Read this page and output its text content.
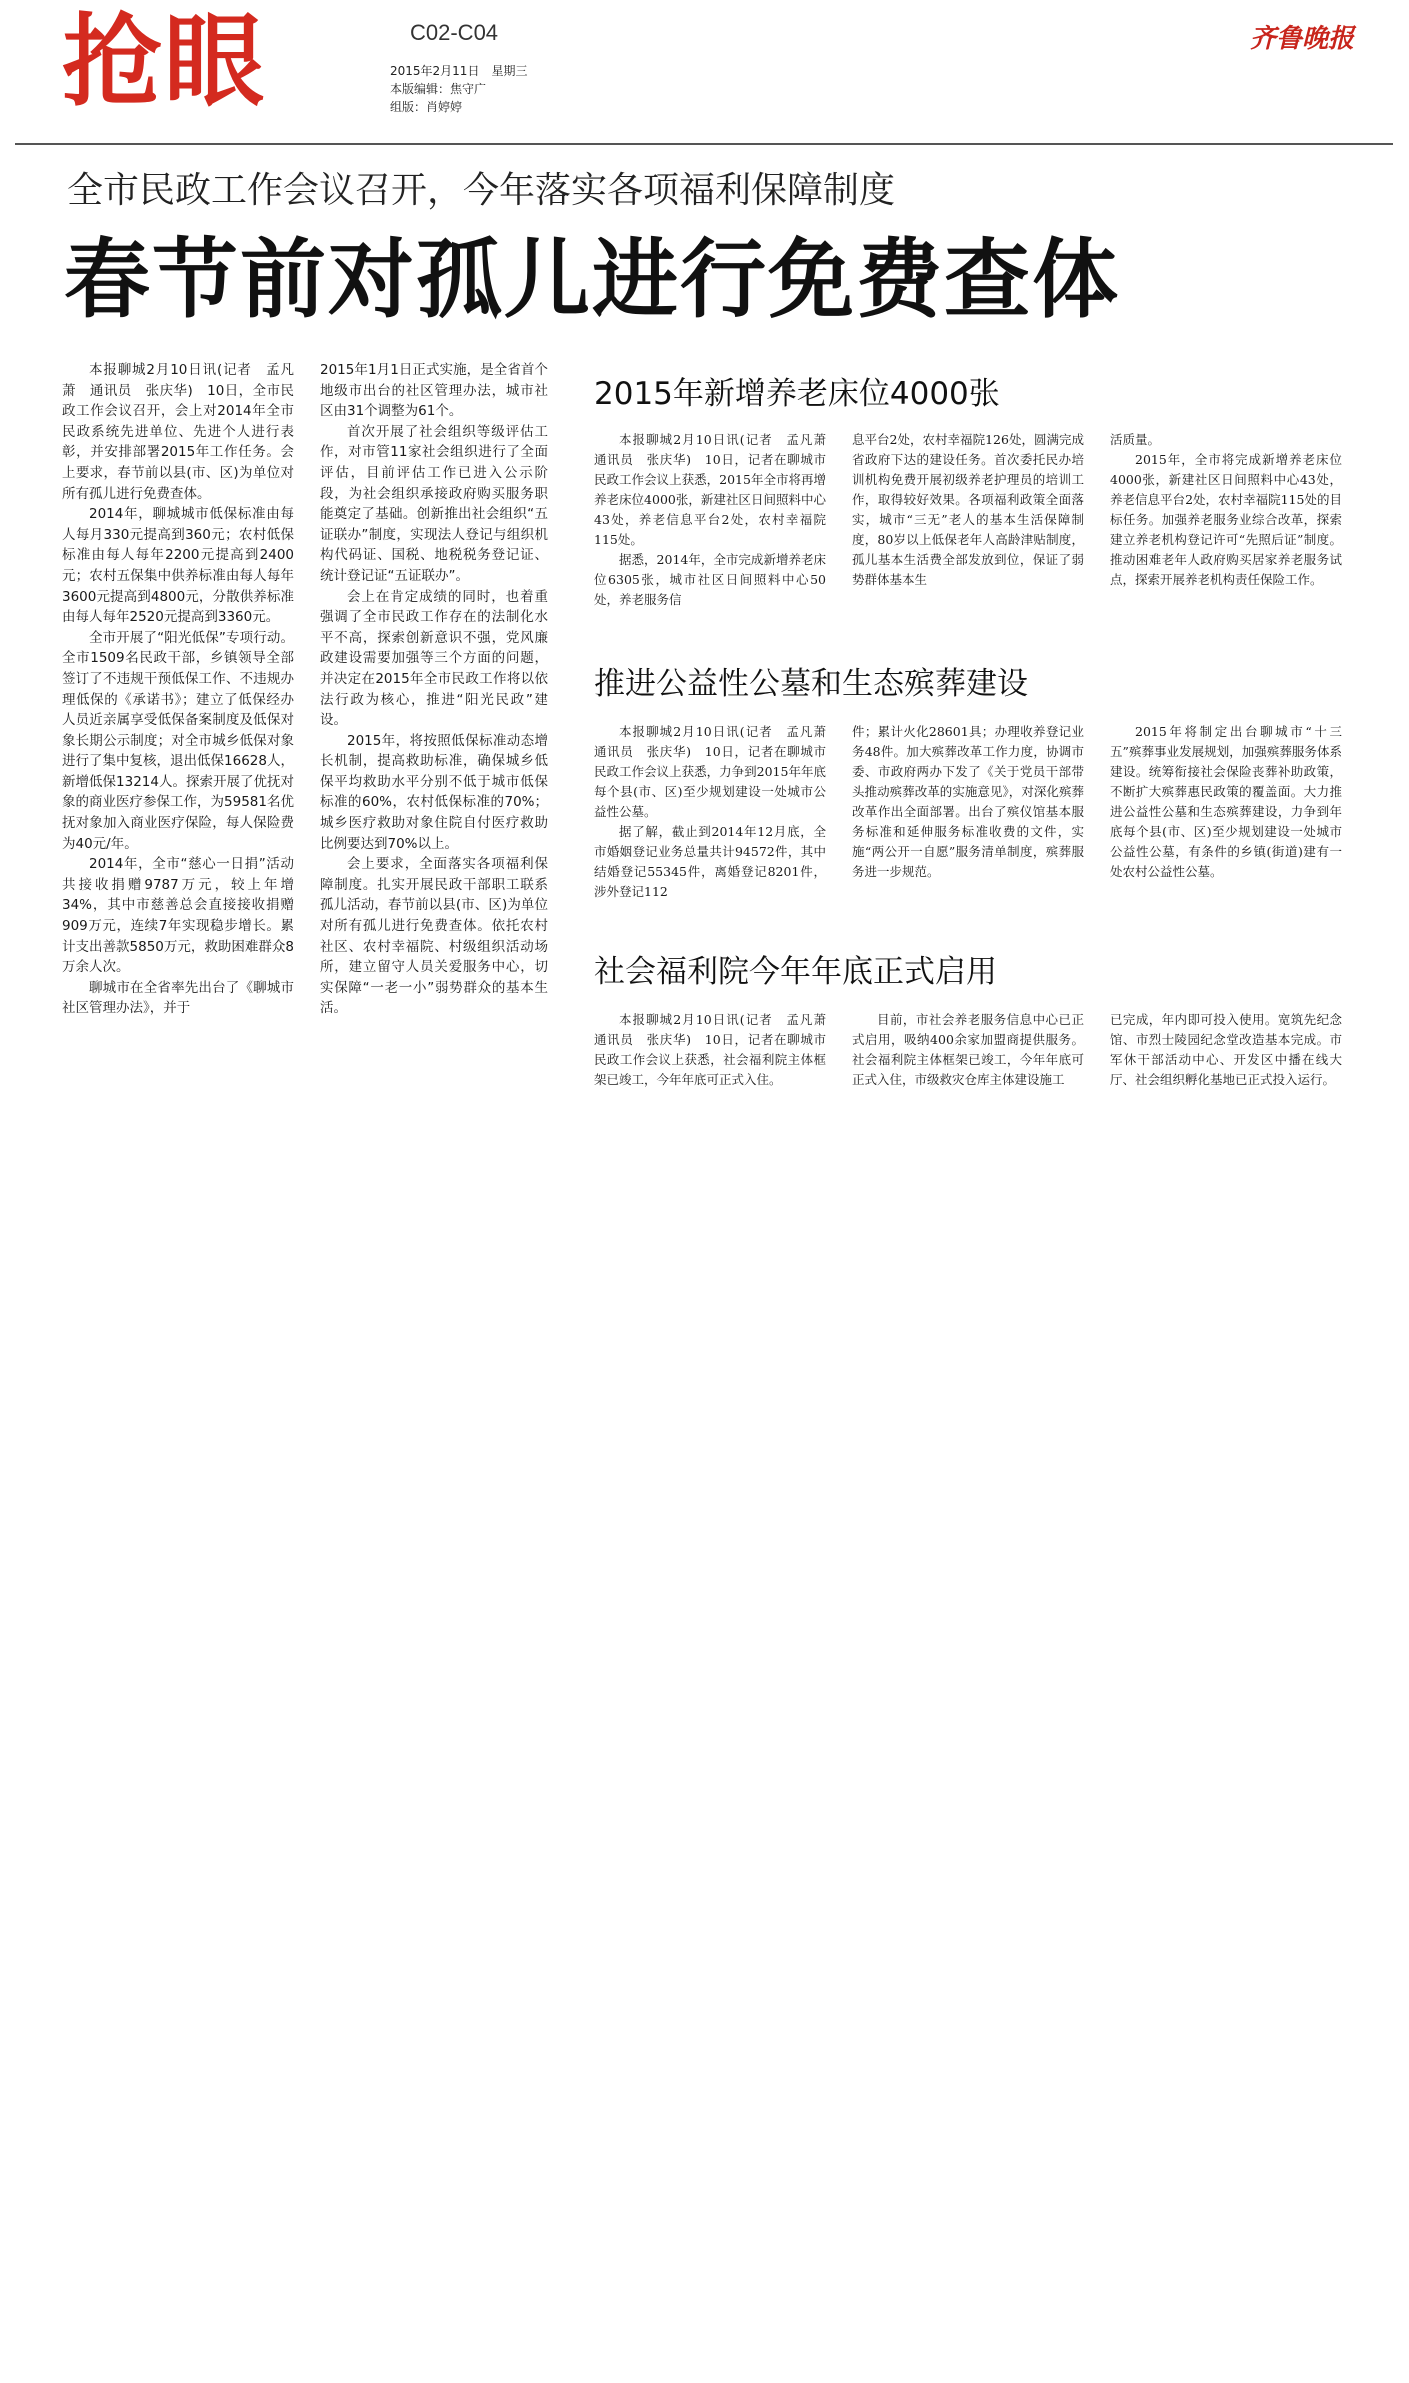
抢眼	C02-C04
2015年2月11日　星期三
本版编辑：焦守广
组版：肖婷婷
齐鲁晚报
全市民政工作会议召开，今年落实各项福利保障制度
春节前对孤儿进行免费查体

本报聊城2月10日讯(记者　孟凡萧　通讯员　张庆华)　10日，全市民政工作会议召开，会上对2014年全市民政系统先进单位、先进个人进行表彰，并安排部署2015年工作任务。会上要求，春节前以县(市、区)为单位对所有孤儿进行免费查体。

2014年，聊城城市低保标准由每人每月330元提高到360元；农村低保标准由每人每年2200元提高到2400元；农村五保集中供养标准由每人每年3600元提高到4800元，分散供养标准由每人每年2520元提高到3360元。

全市开展了“阳光低保”专项行动。全市1509名民政干部，乡镇领导全部签订了不违规干预低保工作、不违规办理低保的《承诺书》；建立了低保经办人员近亲属享受低保备案制度及低保对象长期公示制度；对全市城乡低保对象进行了集中复核，退出低保16628人，新增低保13214人。探索开展了优抚对象的商业医疗参保工作，为59581名优抚对象加入商业医疗保险，每人保险费为40元/年。

2014年，全市“慈心一日捐”活动共接收捐赠9787万元，较上年增34%，其中市慈善总会直接接收捐赠909万元，连续7年实现稳步增长。累计支出善款5850万元，救助困难群众8万余人次。

聊城市在全省率先出台了《聊城市社区管理办法》，并于

2015年1月1日正式实施，是全省首个地级市出台的社区管理办法，城市社区由31个调整为61个。

首次开展了社会组织等级评估工作，对市管11家社会组织进行了全面评估，目前评估工作已进入公示阶段，为社会组织承接政府购买服务职能奠定了基础。创新推出社会组织“五证联办”制度，实现法人登记与组织机构代码证、国税、地税税务登记证、统计登记证“五证联办”。

会上在肯定成绩的同时，也着重强调了全市民政工作存在的法制化水平不高，探索创新意识不强，党风廉政建设需要加强等三个方面的问题，并决定在2015年全市民政工作将以依法行政为核心，推进“阳光民政”建设。

2015年，将按照低保标准动态增长机制，提高救助标准，确保城乡低保平均救助水平分别不低于城市低保标准的60%，农村低保标准的70%；城乡医疗救助对象住院自付医疗救助比例要达到70%以上。

会上要求，全面落实各项福利保障制度。扎实开展民政干部职工联系孤儿活动，春节前以县(市、区)为单位对所有孤儿进行免费查体。依托农村社区、农村幸福院、村级组织活动场所，建立留守人员关爱服务中心，切实保障“一老一小”弱势群众的基本生活。

2015年新增养老床位4000张

本报聊城2月10日讯(记者　孟凡萧　通讯员　张庆华)　10日，记者在聊城市民政工作会议上获悉，2015年全市将再增养老床位4000张，新建社区日间照料中心43处，养老信息平台2处，农村幸福院115处。

据悉，2014年，全市完成新增养老床位6305张，城市社区日间照料中心50处，养老服务信

息平台2处，农村幸福院126处，圆满完成省政府下达的建设任务。首次委托民办培训机构免费开展初级养老护理员的培训工作，取得较好效果。各项福利政策全面落实，城市“三无”老人的基本生活保障制度，80岁以上低保老年人高龄津贴制度，孤儿基本生活费全部发放到位，保证了弱势群体基本生

活质量。

2015年，全市将完成新增养老床位4000张，新建社区日间照料中心43处，养老信息平台2处，农村幸福院115处的目标任务。加强养老服务业综合改革，探索建立养老机构登记许可“先照后证”制度。推动困难老年人政府购买居家养老服务试点，探索开展养老机构责任保险工作。

推进公益性公墓和生态殡葬建设

本报聊城2月10日讯(记者　孟凡萧　通讯员　张庆华)　10日，记者在聊城市民政工作会议上获悉，力争到2015年年底每个县(市、区)至少规划建设一处城市公益性公墓。

据了解，截止到2014年12月底，全市婚姻登记业务总量共计94572件，其中结婚登记55345件，离婚登记8201件，涉外登记112

件；累计火化28601具；办理收养登记业务48件。加大殡葬改革工作力度，协调市委、市政府两办下发了《关于党员干部带头推动殡葬改革的实施意见》，对深化殡葬改革作出全面部署。出台了殡仪馆基本服务标准和延伸服务标准收费的文件，实施“两公开一自愿”服务清单制度，殡葬服务进一步规范。

2015年将制定出台聊城市“十三五”殡葬事业发展规划，加强殡葬服务体系建设。统筹衔接社会保险丧葬补助政策，不断扩大殡葬惠民政策的覆盖面。大力推进公益性公墓和生态殡葬建设，力争到年底每个县(市、区)至少规划建设一处城市公益性公墓，有条件的乡镇(街道)建有一处农村公益性公墓。

社会福利院今年年底正式启用

本报聊城2月10日讯(记者　孟凡萧　通讯员　张庆华)　10日，记者在聊城市民政工作会议上获悉，社会福利院主体框架已竣工，今年年底可正式入住。

目前，市社会养老服务信息中心已正式启用，吸纳400余家加盟商提供服务。社会福利院主体框架已竣工，今年年底可正式入住，市级救灾仓库主体建设施工

已完成，年内即可投入使用。宽筑先纪念馆、市烈士陵园纪念堂改造基本完成。市军休干部活动中心、开发区中播在线大厅、社会组织孵化基地已正式投入运行。
